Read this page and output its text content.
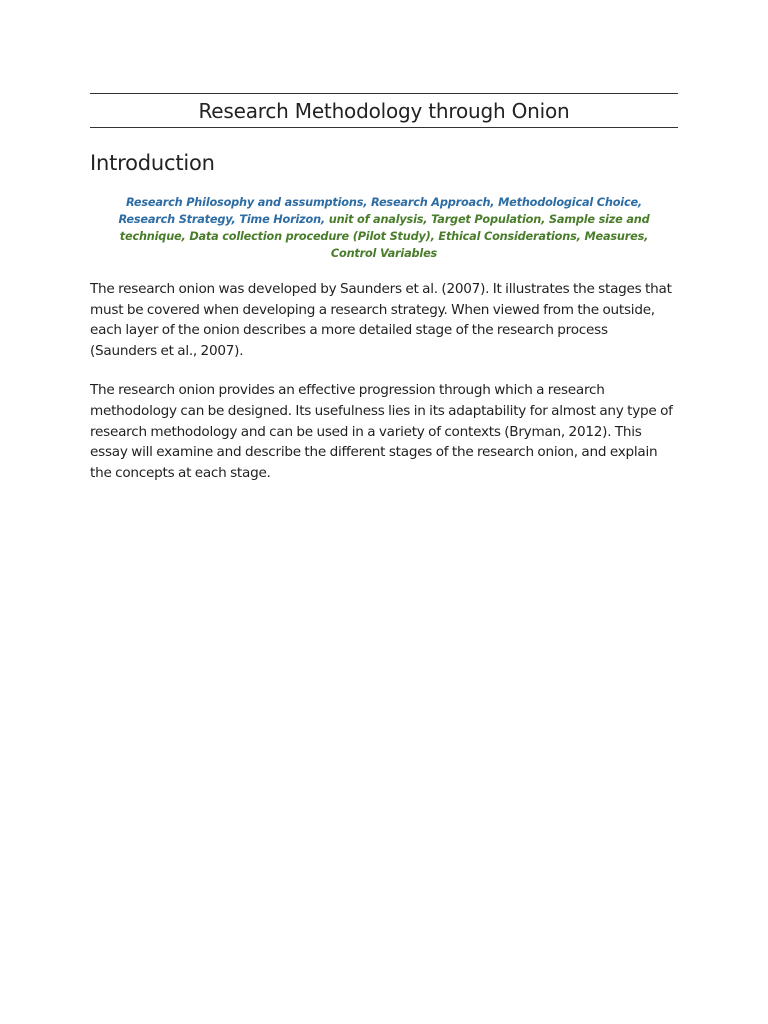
Research Methodology through Onion
Introduction
Research Philosophy and assumptions, Research Approach, Methodological Choice, Research Strategy, Time Horizon, unit of analysis, Target Population, Sample size and technique, Data collection procedure (Pilot Study), Ethical Considerations, Measures, Control Variables

The research onion was developed by Saunders et al. (2007). It illustrates the stages that must be covered when developing a research strategy. When viewed from the outside, each layer of the onion describes a more detailed stage of the research process (Saunders et al., 2007).

The research onion provides an effective progression through which a research methodology can be designed. Its usefulness lies in its adaptability for almost any type of research methodology and can be used in a variety of contexts (Bryman, 2012). This essay will examine and describe the different stages of the research onion, and explain the concepts at each stage.
